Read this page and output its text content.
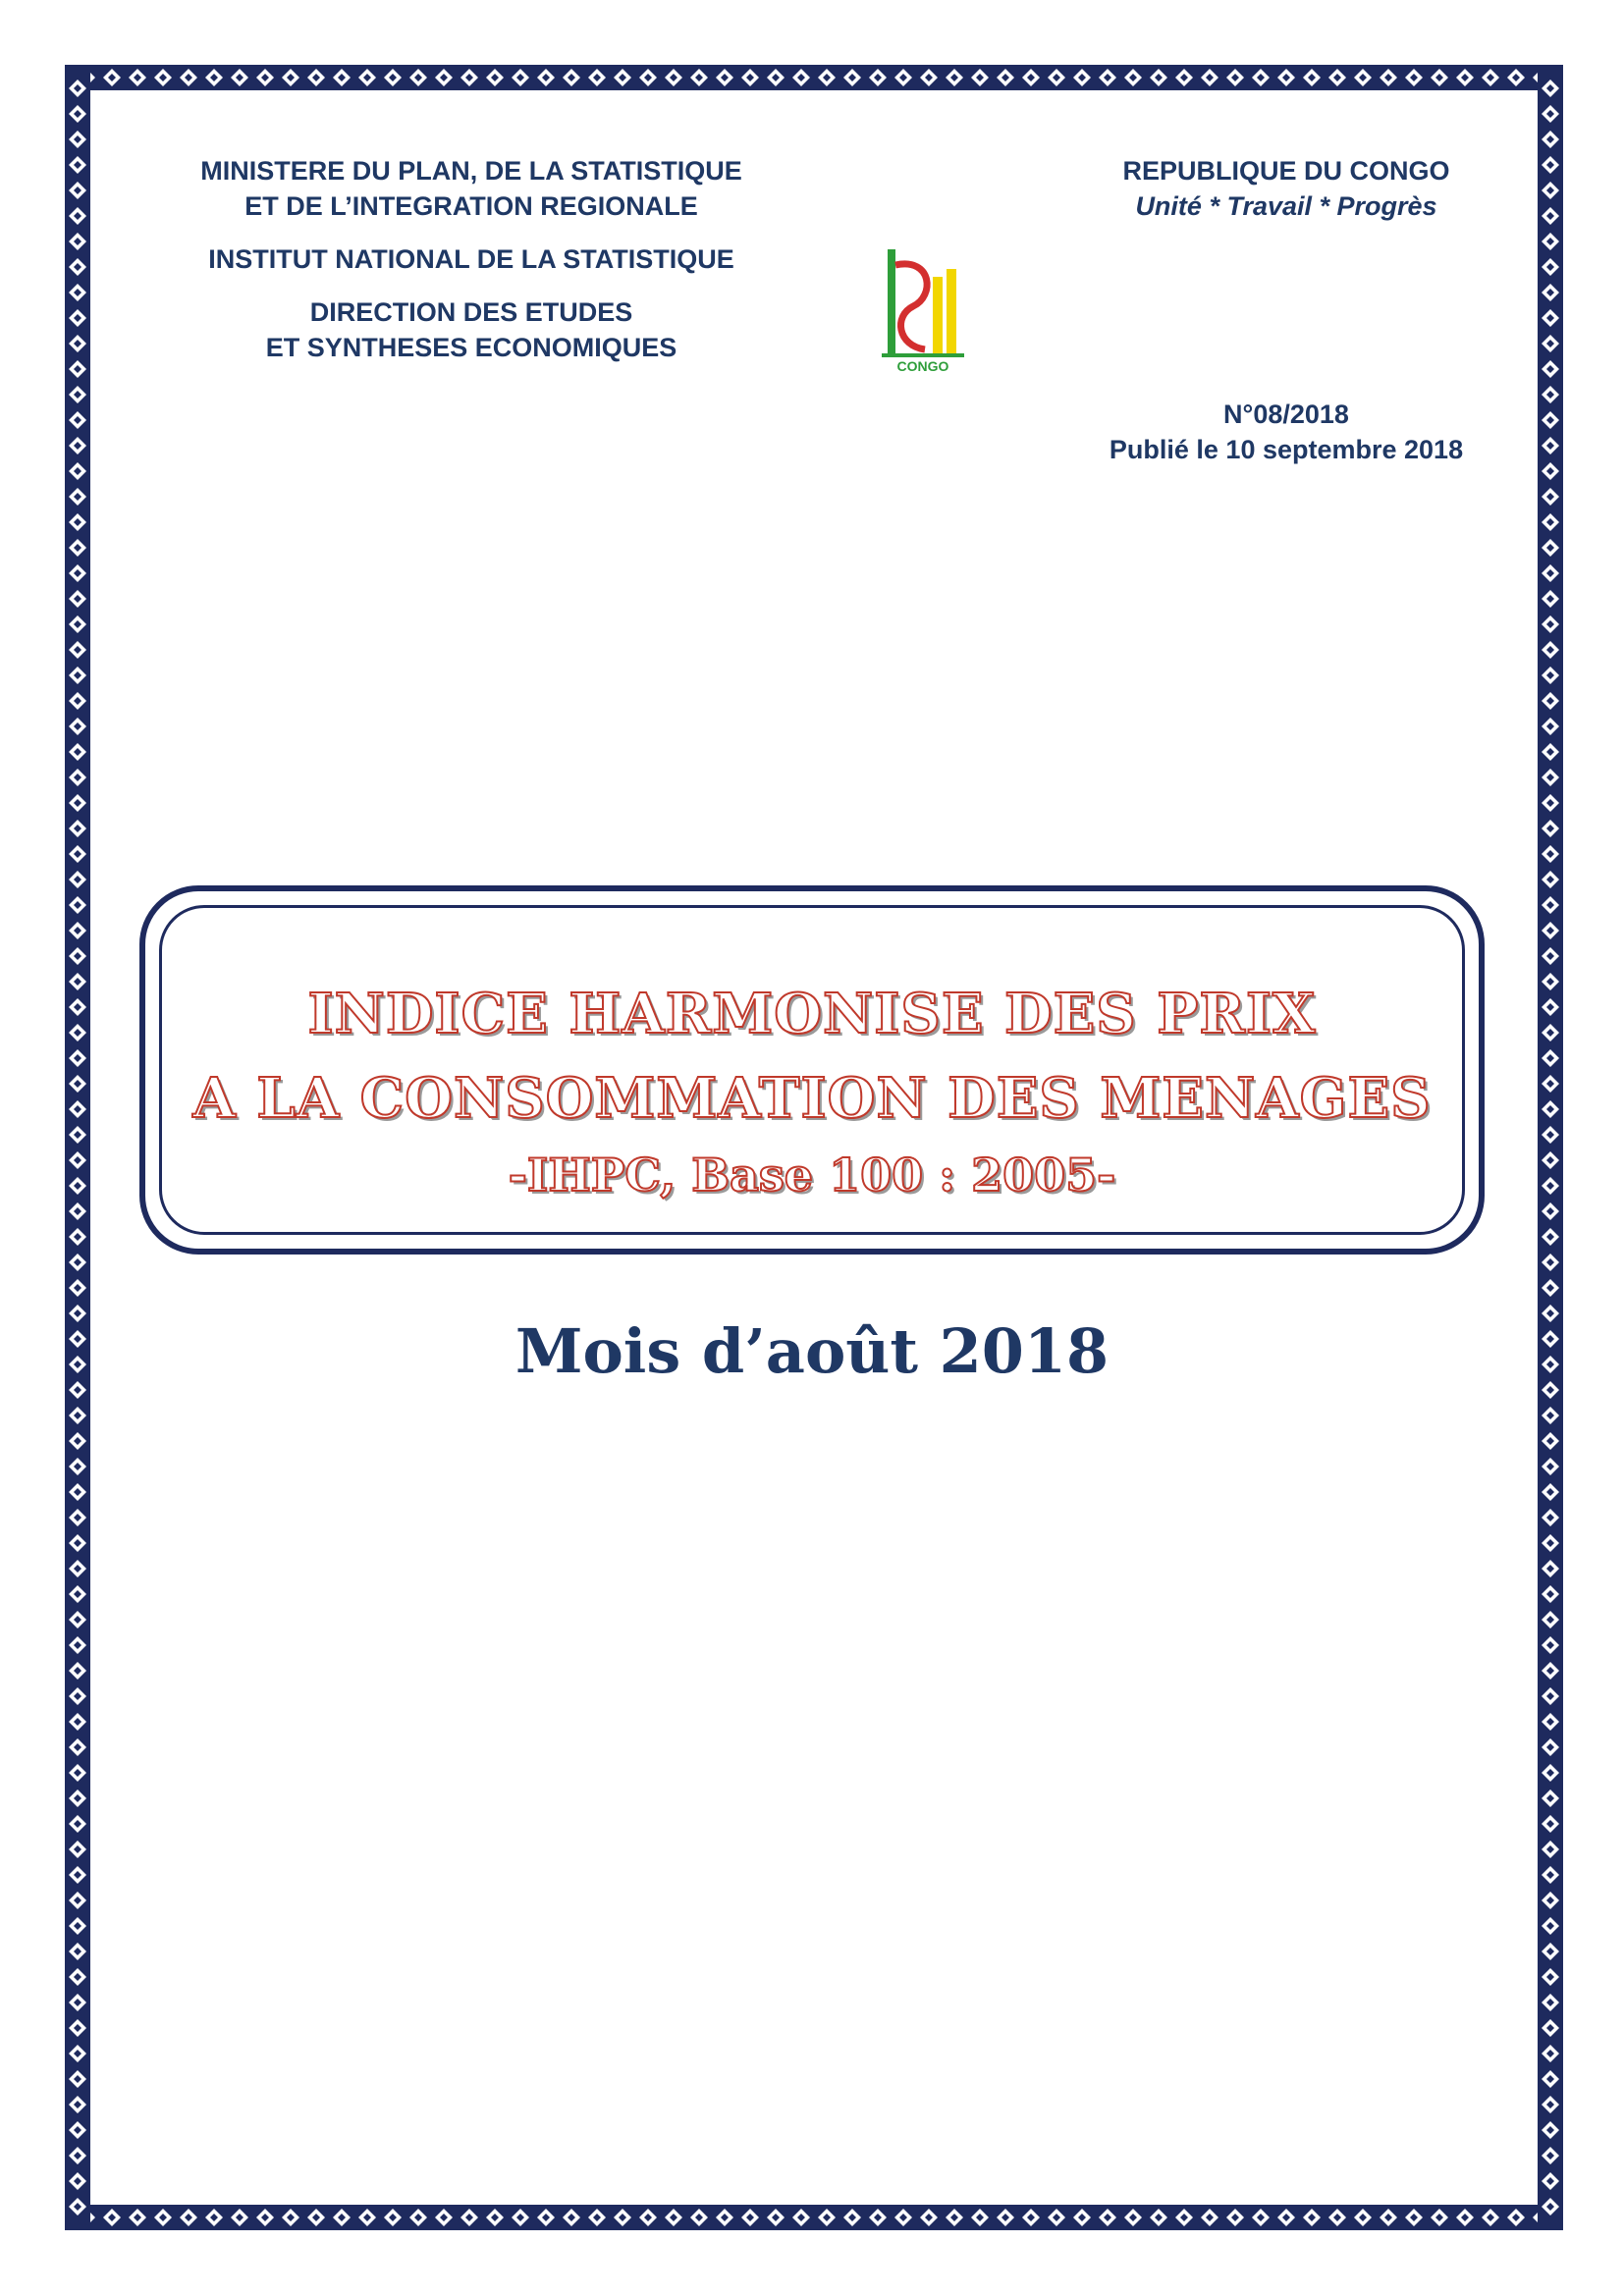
MINISTERE DU PLAN, DE LA STATISTIQUE
ET DE L’INTEGRATION REGIONALE
INSTITUT NATIONAL DE LA STATISTIQUE
DIRECTION DES ETUDES
ET SYNTHESES ECONOMIQUES
REPUBLIQUE DU CONGO
Unité * Travail * Progrès
N°08/2018
Publié le 10 septembre 2018
CONGO
INDICE HARMONISE DES PRIX
A LA CONSOMMATION DES MENAGES
-IHPC, Base 100 : 2005-
Mois d’août 2018
